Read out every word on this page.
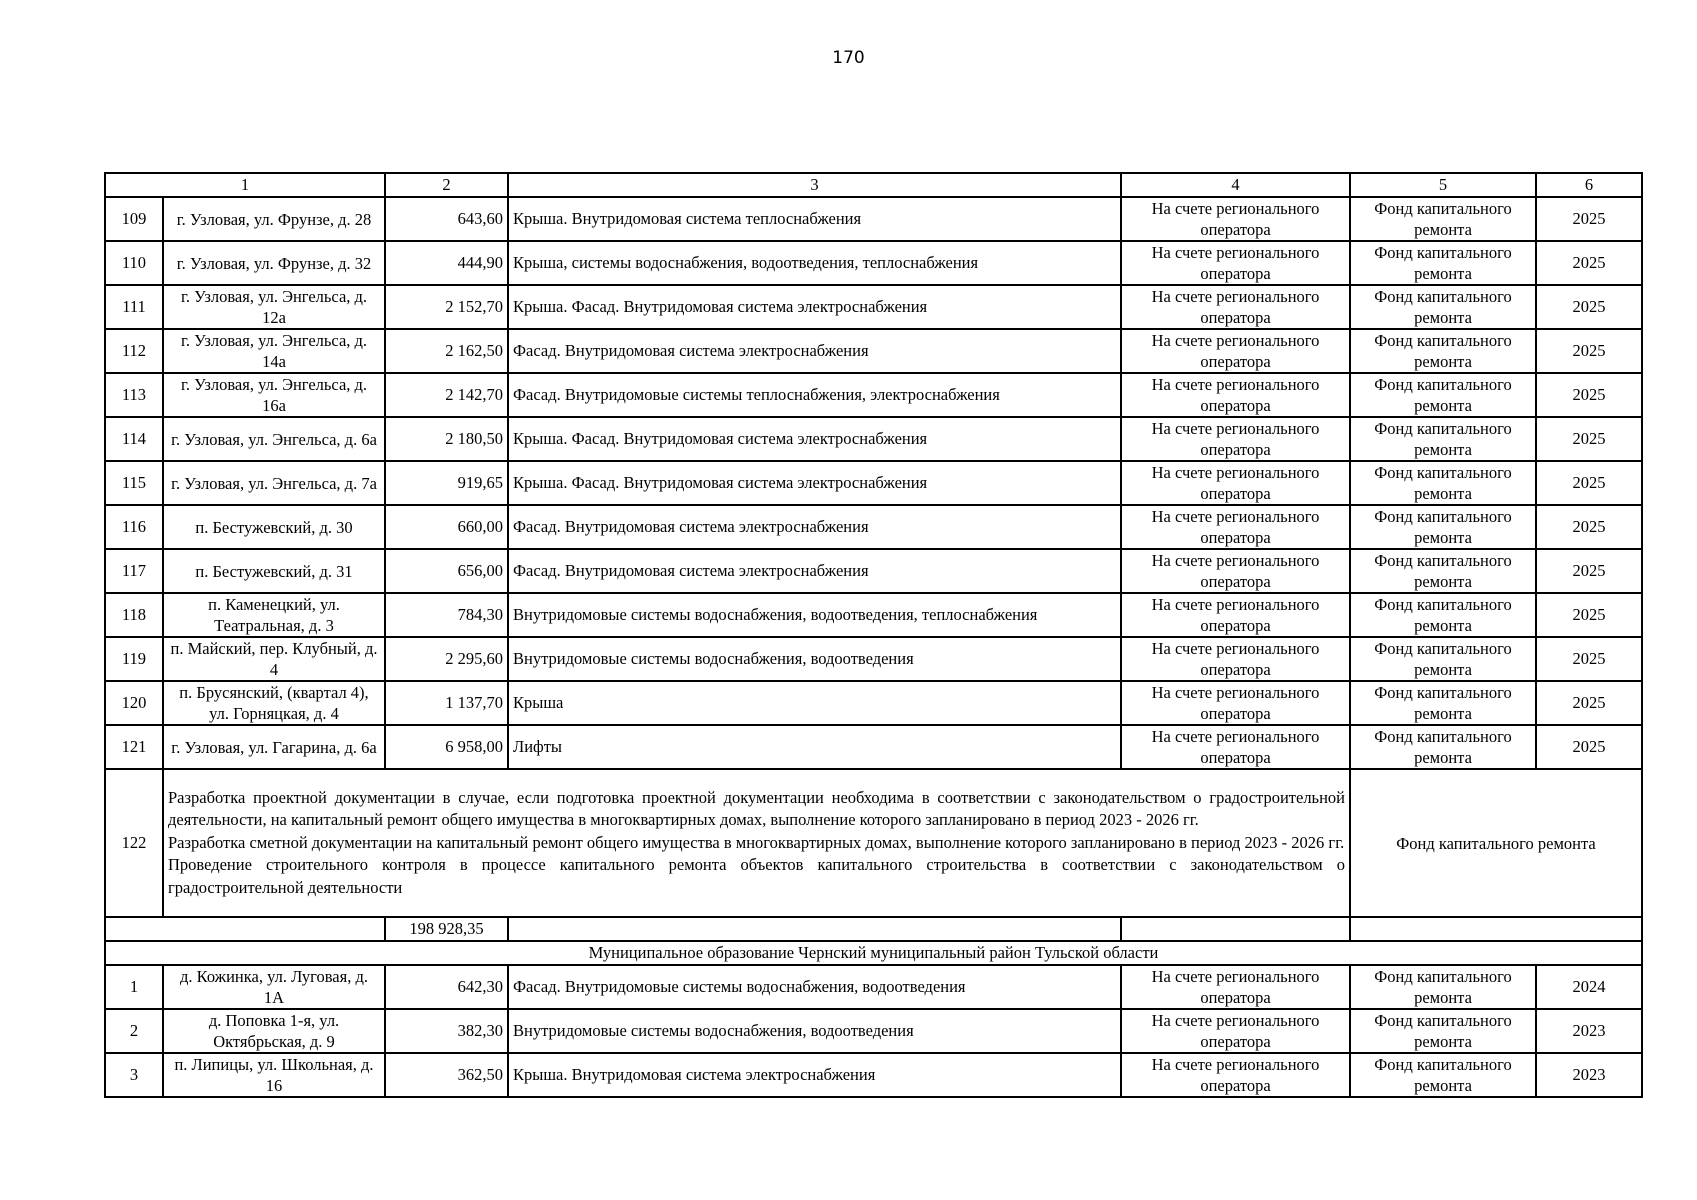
170
1		2	3	4	5	6
109	г. Узловая, ул. Фрунзе, д. 28	643,60	Крыша. Внутридомовая система теплоснабжения	На счете регионального оператора	Фонд капитального ремонта	2025
110	г. Узловая, ул. Фрунзе, д. 32	444,90	Крыша, системы водоснабжения, водоотведения, теплоснабжения	На счете регионального оператора	Фонд капитального ремонта	2025
111	г. Узловая, ул. Энгельса, д. 12а	2 152,70	Крыша. Фасад. Внутридомовая система электроснабжения	На счете регионального оператора	Фонд капитального ремонта	2025
112	г. Узловая, ул. Энгельса, д. 14а	2 162,50	Фасад. Внутридомовая система электроснабжения	На счете регионального оператора	Фонд капитального ремонта	2025
113	г. Узловая, ул. Энгельса, д. 16а	2 142,70	Фасад. Внутридомовые системы теплоснабжения, электроснабжения	На счете регионального оператора	Фонд капитального ремонта	2025
114	г. Узловая, ул. Энгельса, д. 6а	2 180,50	Крыша. Фасад. Внутридомовая система электроснабжения	На счете регионального оператора	Фонд капитального ремонта	2025
115	г. Узловая, ул. Энгельса, д. 7а	919,65	Крыша. Фасад. Внутридомовая система электроснабжения	На счете регионального оператора	Фонд капитального ремонта	2025
116	п. Бестужевский, д. 30	660,00	Фасад. Внутридомовая система электроснабжения	На счете регионального оператора	Фонд капитального ремонта	2025
117	п. Бестужевский, д. 31	656,00	Фасад. Внутридомовая система электроснабжения	На счете регионального оператора	Фонд капитального ремонта	2025
118	п. Каменецкий, ул. Театральная, д. 3	784,30	Внутридомовые системы водоснабжения, водоотведения, теплоснабжения	На счете регионального оператора	Фонд капитального ремонта	2025
119	п. Майский, пер. Клубный, д. 4	2 295,60	Внутридомовые системы водоснабжения, водоотведения	На счете регионального оператора	Фонд капитального ремонта	2025
120	п. Брусянский, (квартал 4), ул. Горняцкая, д. 4	1 137,70	Крыша	На счете регионального оператора	Фонд капитального ремонта	2025
121	г. Узловая, ул. Гагарина, д. 6а	6 958,00	Лифты	На счете регионального оператора	Фонд капитального ремонта	2025
122	Разработка проектной документации в случае, если подготовка проектной документации необходима в соответствии с законодательством о градостроительной деятельности, на капитальный ремонт общего имущества в многоквартирных домах, выполнение которого запланировано в период 2023 - 2026 гг.
Разработка сметной документации на капитальный ремонт общего имущества в многоквартирных домах, выполнение которого запланировано в период 2023 - 2026 гг.
Проведение строительного контроля в процессе капитального ремонта объектов капитального строительства в соответствии с законодательством о градостроительной деятельности				Фонд капитального ремонта	
		198 928,35				
Муниципальное образование Чернский муниципальный район Тульской области						
1	д. Кожинка, ул. Луговая, д. 1А	642,30	Фасад. Внутридомовые системы водоснабжения, водоотведения	На счете регионального оператора	Фонд капитального ремонта	2024
2	д. Поповка 1-я, ул. Октябрьская, д. 9	382,30	Внутридомовые системы водоснабжения, водоотведения	На счете регионального оператора	Фонд капитального ремонта	2023
3	п. Липицы, ул. Школьная, д. 16	362,50	Крыша. Внутридомовая система электроснабжения	На счете регионального оператора	Фонд капитального ремонта	2023
